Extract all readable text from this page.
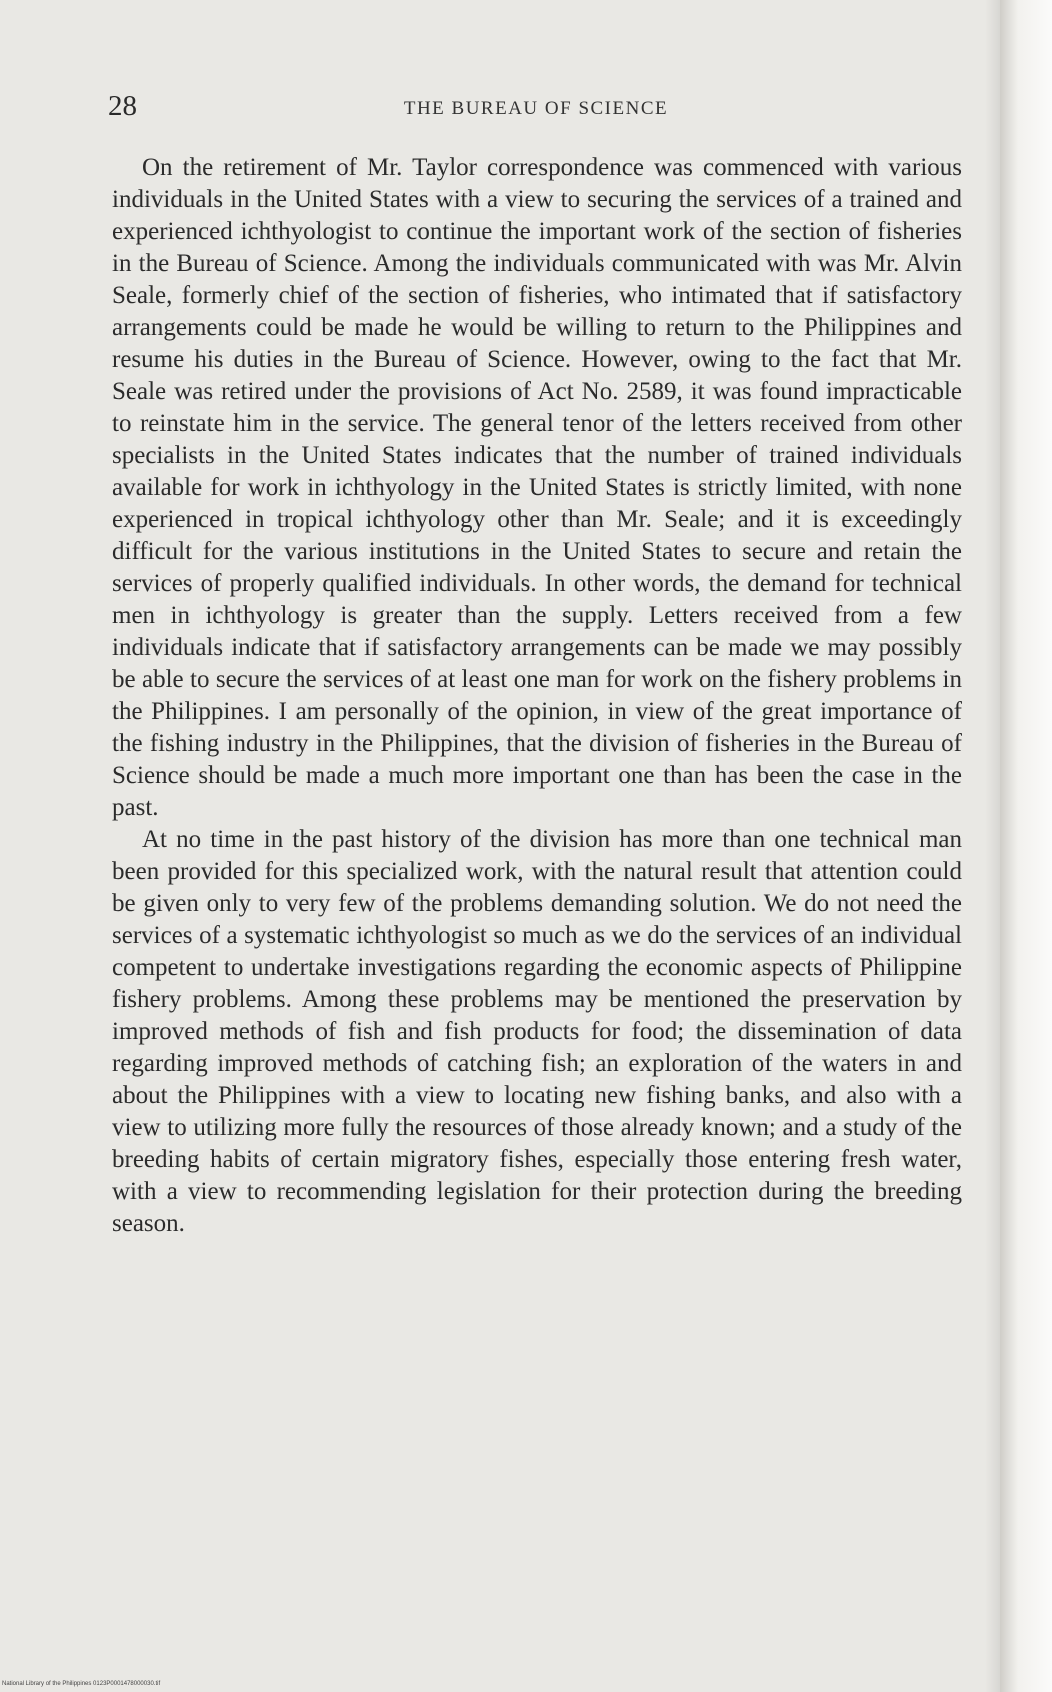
28	THE BUREAU OF SCIENCE

On the retirement of Mr. Taylor correspondence was commenced with various individuals in the United States with a view to securing the services of a trained and experienced ichthyologist to continue the important work of the section of fisheries in the Bureau of Science. Among the individuals communicated with was Mr. Alvin Seale, formerly chief of the section of fisheries, who intimated that if satisfactory arrangements could be made he would be willing to return to the Philippines and resume his duties in the Bureau of Science. However, owing to the fact that Mr. Seale was retired under the provisions of Act No. 2589, it was found impracticable to reinstate him in the service. The general tenor of the letters received from other specialists in the United States indicates that the number of trained individuals available for work in ichthyology in the United States is strictly limited, with none experienced in tropical ichthyology other than Mr. Seale; and it is exceedingly difficult for the various institutions in the United States to secure and retain the services of properly qualified individuals. In other words, the demand for technical men in ichthyology is greater than the supply. Letters received from a few individuals indicate that if satisfactory arrangements can be made we may possibly be able to secure the services of at least one man for work on the fishery problems in the Philippines. I am personally of the opinion, in view of the great importance of the fishing industry in the Philippines, that the division of fisheries in the Bureau of Science should be made a much more important one than has been the case in the past.

At no time in the past history of the division has more than one technical man been provided for this specialized work, with the natural result that attention could be given only to very few of the problems demanding solution. We do not need the services of a systematic ichthyologist so much as we do the services of an individual competent to undertake investigations regarding the economic aspects of Philippine fishery problems. Among these problems may be mentioned the preservation by improved methods of fish and fish products for food; the dissemination of data regarding improved methods of catching fish; an exploration of the waters in and about the Philippines with a view to locating new fishing banks, and also with a view to utilizing more fully the resources of those already known; and a study of the breeding habits of certain migratory fishes, especially those entering fresh water, with a view to recommending legislation for their protection during the breeding season.

National Library of the Philippines 0123P0001478000030.tif
